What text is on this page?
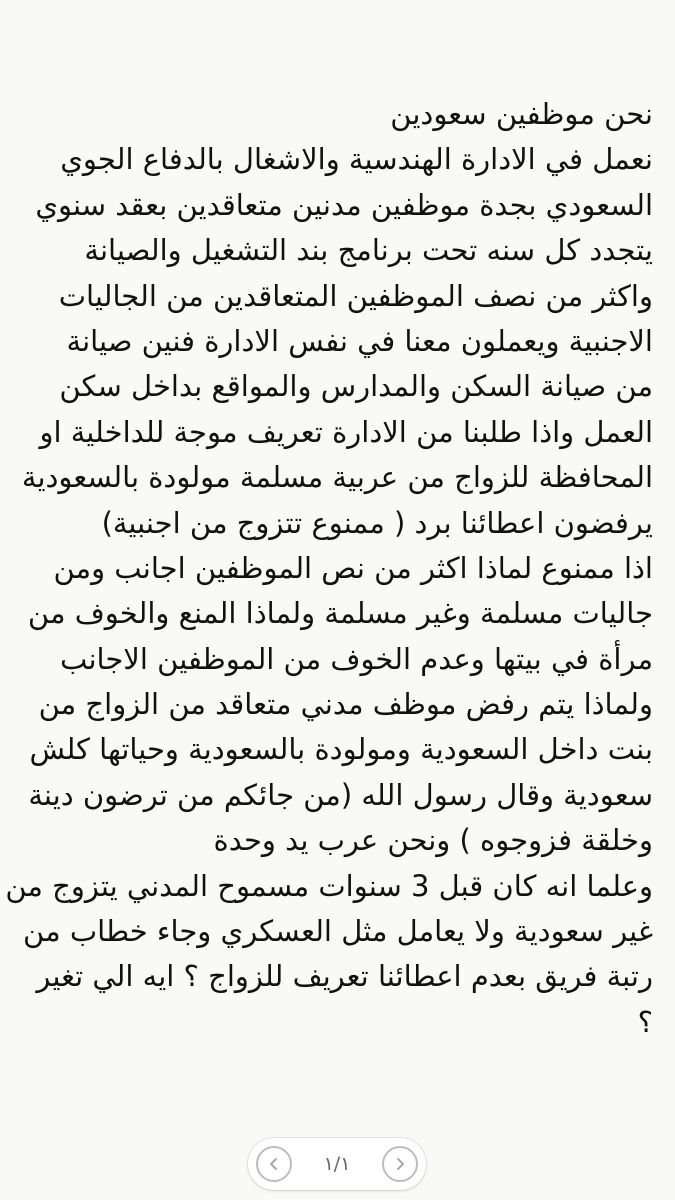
نحن موظفين سعودين
نعمل في الادارة الهندسية والاشغال بالدفاع الجوي
السعودي بجدة موظفين مدنين متعاقدين بعقد سنوي
يتجدد كل سنه تحت برنامج بند التشغيل والصيانة
واكثر من نصف الموظفين المتعاقدين من الجاليات
الاجنبية ويعملون معنا في نفس الادارة فنين صيانة
من صيانة السكن والمدارس والمواقع بداخل سكن
العمل واذا طلبنا من الادارة تعريف موجة للداخلية او
المحافظة للزواج من عربية مسلمة مولودة بالسعودية
يرفضون اعطائنا برد ( ممنوع تتزوج من اجنبية)
اذا ممنوع لماذا اكثر من نص الموظفين اجانب ومن
جاليات مسلمة وغير مسلمة ولماذا المنع والخوف من
مرأة في بيتها وعدم الخوف من الموظفين الاجانب
ولماذا يتم رفض موظف مدني متعاقد من الزواج من
بنت داخل السعودية ومولودة بالسعودية وحياتها كلش
سعودية وقال رسول الله (من جائكم من ترضون دينة
وخلقة فزوجوه ) ونحن عرب يد وحدة
وعلما انه كان قبل 3 سنوات مسموح المدني يتزوج من
غير سعودية ولا يعامل مثل العسكري وجاء خطاب من
رتبة فريق بعدم اعطائنا تعريف للزواج ؟ ايه الي تغير
؟
١/١
